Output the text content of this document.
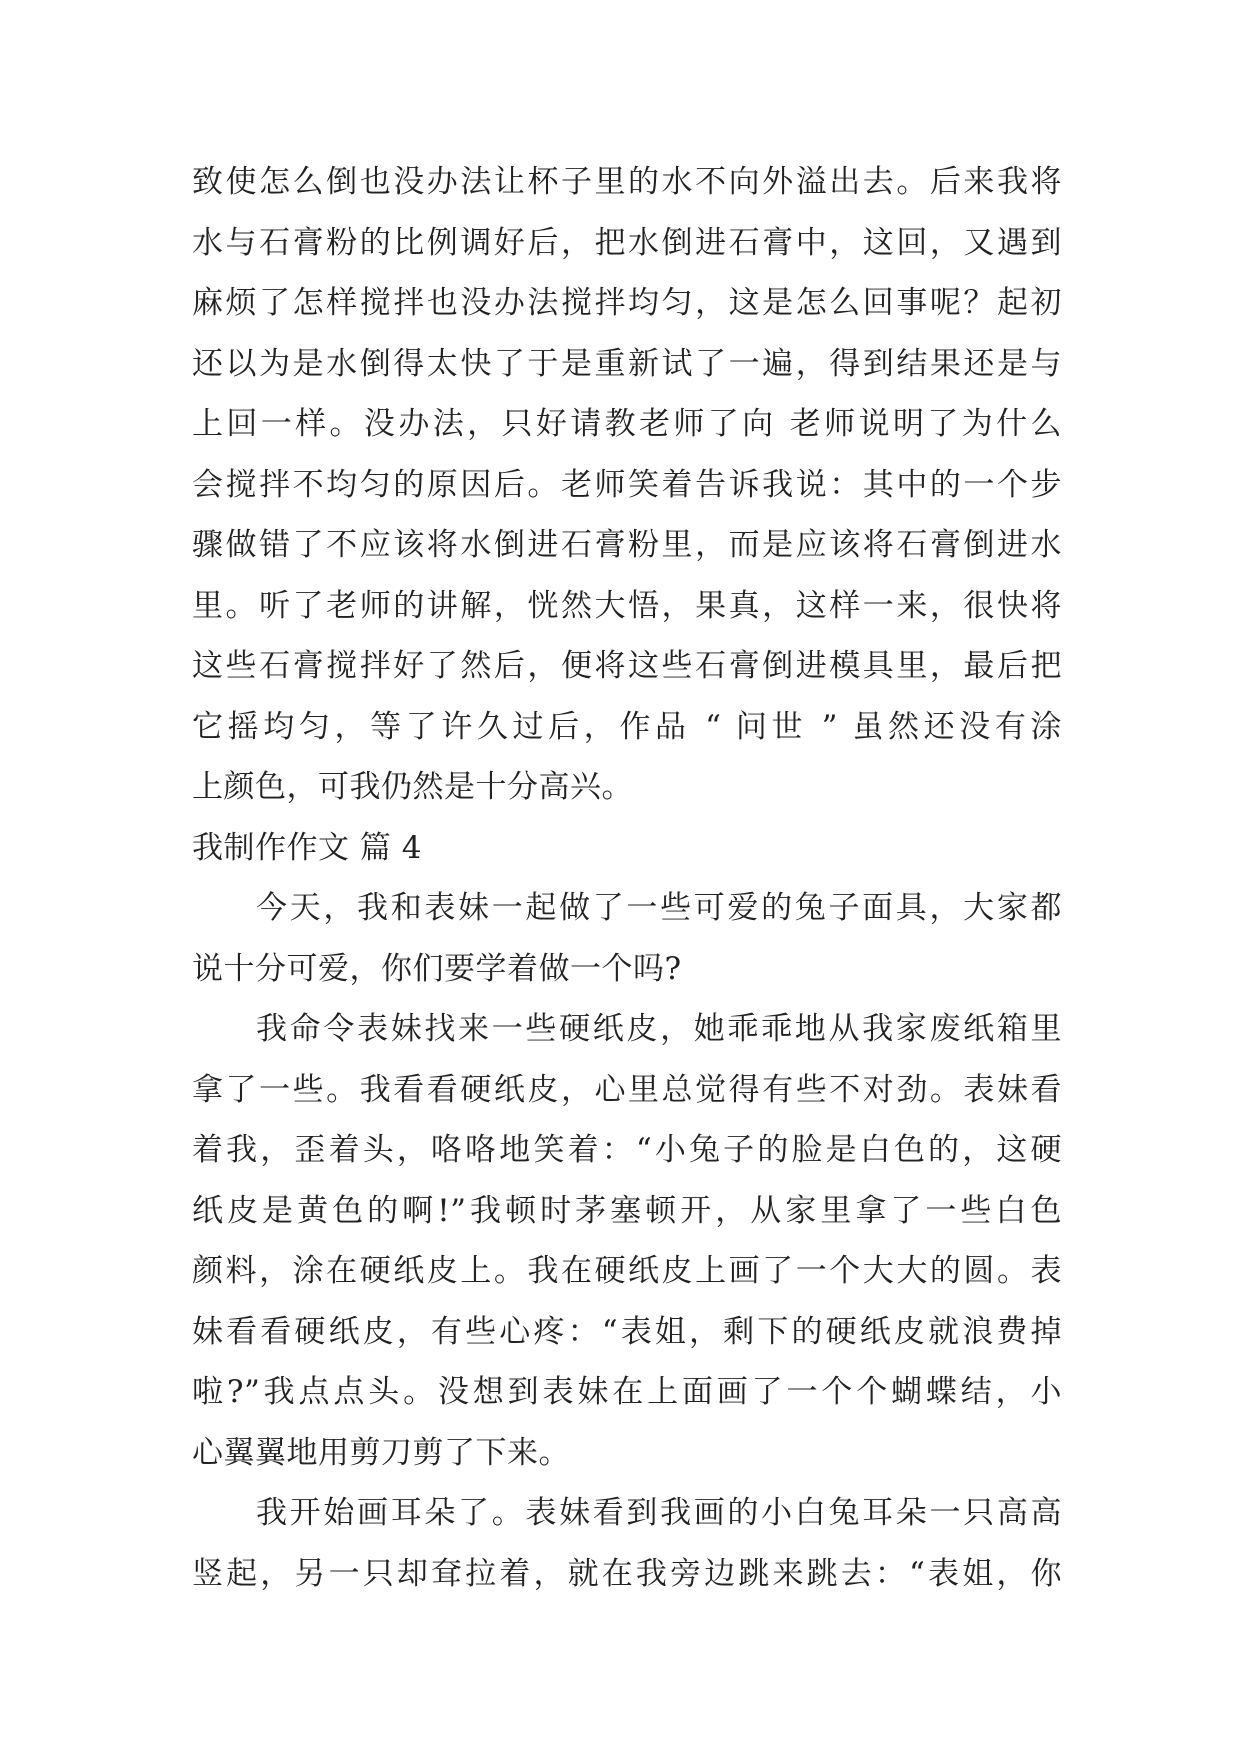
致使怎么倒也没办法让杯子里的水不向外溢出去。后来我将
水与石膏粉的比例调好后，把水倒进石膏中，这回，又遇到
麻烦了怎样搅拌也没办法搅拌均匀，这是怎么回事呢？起初
还以为是水倒得太快了于是重新试了一遍，得到结果还是与
上回一样。没办法，只好请教老师了向 老师说明了为什么
会搅拌不均匀的原因后。老师笑着告诉我说：其中的一个步
骤做错了不应该将水倒进石膏粉里，而是应该将石膏倒进水
里。听了老师的讲解，恍然大悟，果真，这样一来，很快将
这些石膏搅拌好了然后，便将这些石膏倒进模具里，最后把
它摇均匀，等了许久过后，作品 “ 问世 ” 虽然还没有涂
上颜色，可我仍然是十分高兴。
我制作作文 篇 4
今天，我和表妹一起做了一些可爱的兔子面具，大家都
说十分可爱，你们要学着做一个吗?
我命令表妹找来一些硬纸皮，她乖乖地从我家废纸箱里
拿了一些。我看看硬纸皮，心里总觉得有些不对劲。表妹看
着我，歪着头，咯咯地笑着：“小兔子的脸是白色的，这硬
纸皮是黄色的啊!”我顿时茅塞顿开，从家里拿了一些白色
颜料，涂在硬纸皮上。我在硬纸皮上画了一个大大的圆。表
妹看看硬纸皮，有些心疼：“表姐，剩下的硬纸皮就浪费掉
啦?”我点点头。没想到表妹在上面画了一个个蝴蝶结，小
心翼翼地用剪刀剪了下来。
我开始画耳朵了。表妹看到我画的小白兔耳朵一只高高
竖起，另一只却耷拉着，就在我旁边跳来跳去：“表姐，你
